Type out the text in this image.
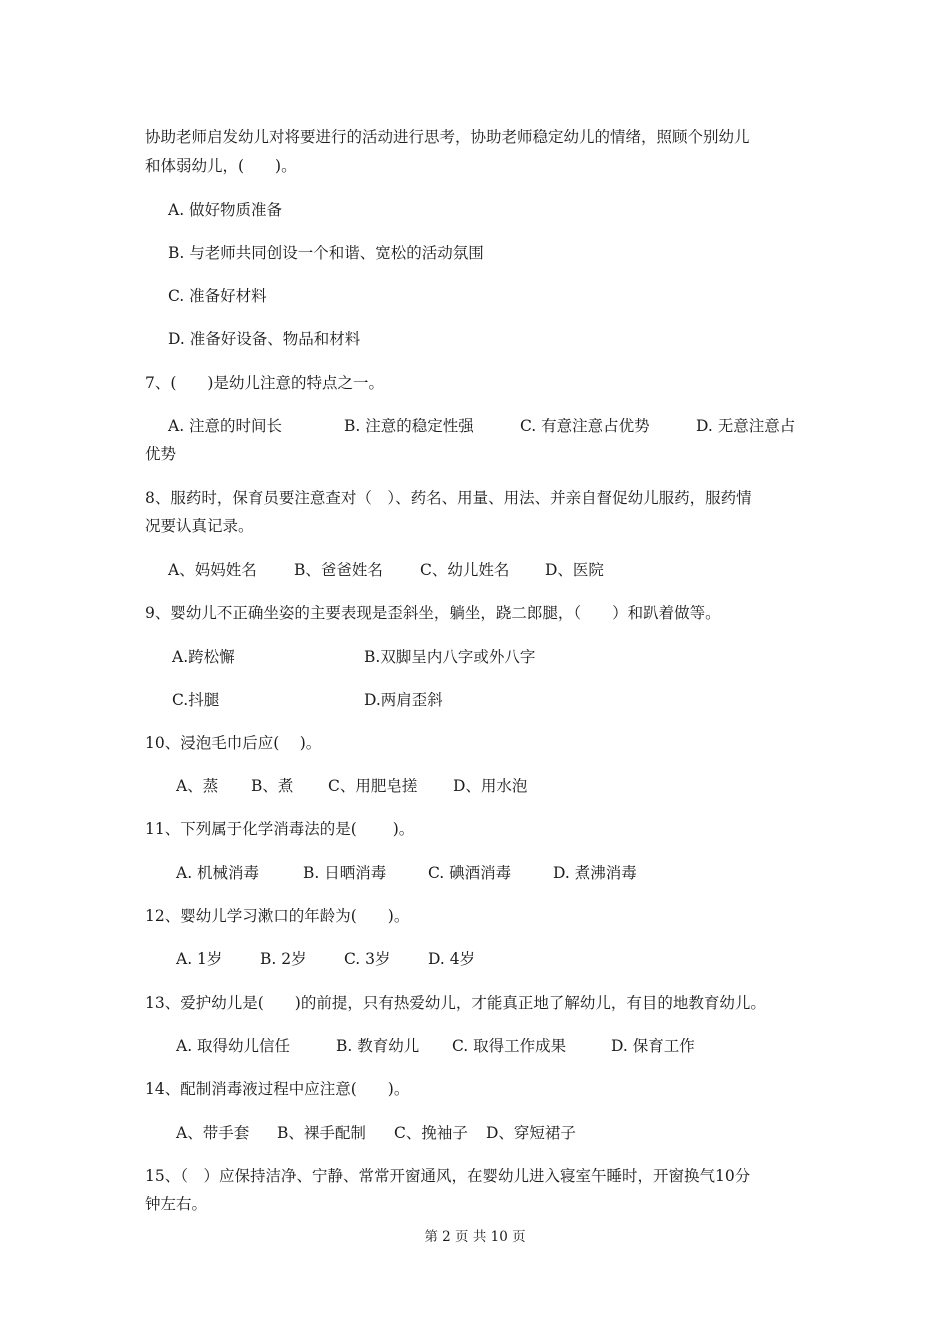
协助老师启发幼儿对将要进行的活动进行思考，协助老师稳定幼儿的情绪，照顾个别幼儿
和体弱幼儿，(　　)。
A. 做好物质准备
B. 与老师共同创设一个和谐、宽松的活动氛围
C. 准备好材料
D. 准备好设备、物品和材料
7、(　　)是幼儿注意的特点之一。
A. 注意的时间长	B. 注意的稳定性强	C. 有意注意占优势	D. 无意注意占
优势
8、服药时，保育员要注意查对（　）、药名、用量、用法、并亲自督促幼儿服药，服药情
况要认真记录。
A、妈妈姓名 B、爸爸姓名 C、幼儿姓名 D、医院
9、婴幼儿不正确坐姿的主要表现是歪斜坐，躺坐，跷二郎腿，（　　）和趴着做等。
A.跨松懈	B.双脚呈内八字或外八字
C.抖腿	D.两肩歪斜
10、浸泡毛巾后应(　 )。
A、蒸 B、煮 C、用肥皂搓 D、用水泡
11、下列属于化学消毒法的是(　　 )。
A. 机械消毒	B. 日晒消毒	C. 碘酒消毒	D. 煮沸消毒
12、婴幼儿学习漱口的年龄为(　　)。
A. 1岁 B. 2岁 C. 3岁 D. 4岁
13、爱护幼儿是(　　)的前提，只有热爱幼儿，才能真正地了解幼儿，有目的地教育幼儿。
A. 取得幼儿信任	B. 教育幼儿 C. 取得工作成果	D. 保育工作
14、配制消毒液过程中应注意(　　)。
A、带手套 B、裸手配制 C、挽袖子 D、穿短裙子
15、（　）应保持洁净、宁静、常常开窗通风，在婴幼儿进入寝室午睡时，开窗换气10分
钟左右。
第 2 页 共 10 页
